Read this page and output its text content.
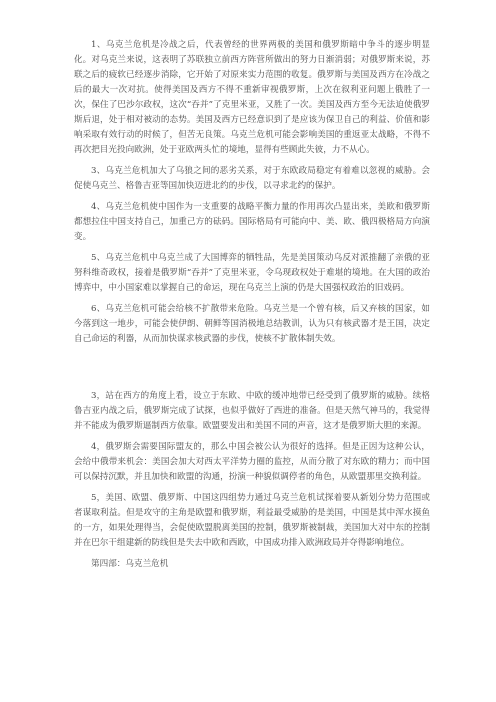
1、乌克兰危机是冷战之后，代表曾经的世界两极的美国和俄罗斯暗中争斗的逐步明显化。对乌克兰来说，这表明了苏联独立前西方阵营所做出的努力日渐消弱；对俄罗斯来说，苏联之后的疲软已经逐步消除，它开始了对原来实力范围的收复。俄罗斯与美国及西方在冷战之后的最大一次对抗。使得美国及西方不得不重新审视俄罗斯，上次在叙利亚问题上俄胜了一次，保住了巴沙尔政权，这次“吞并”了克里米亚，又胜了一次。美国及西方至今无法迫使俄罗斯后退，处于相对被动的态势。美国及西方已经意识到了是应该为保卫自己的利益、价值和影响采取有效行动的时候了，但苦无良策。乌克兰危机可能会影响美国的重返亚太战略，不得不再次把目光投向欧洲，处于亚欧两头忙的境地，显得有些顾此失彼，力不从心。

3、乌克兰危机加大了乌狼之间的恶劣关系，对于东欧政局稳定有着难以忽视的威胁。会促使乌克兰、格鲁吉亚等国加快迈进北约的步伐，以寻求北约的保护。

4、乌克兰危机使中国作为一支重要的战略平衡力量的作用再次凸显出来，美欧和俄罗斯都想拉住中国支持自己，加重己方的砝码。国际格局有可能向中、美、欧、俄四极格局方向演变。

5、乌克兰危机中乌克兰成了大国博弈的牺牲品，先是美国策动乌反对派推翻了亲俄的亚努科维奇政权，接着是俄罗斯“吞并”了克里米亚，令乌现政权处于难堪的境地。在大国的政治博弈中，中小国家难以掌握自己的命运，现在乌克兰上演的仍是大国强权政治的旧戏码。

6、乌克兰危机可能会给核不扩散带来危险。乌克兰是一个曾有核，后又弃核的国家，如今落到这一地步，可能会使伊朗、朝鲜等国消极地总结教训，认为只有核武器才是王国，决定自己命运的利器，从而加快谋求核武器的步伐，使核不扩散体制失效。

3，站在西方的角度上看，设立于东欧、中欧的缓冲地带已经受到了俄罗斯的威胁。续格鲁吉亚内战之后，俄罗斯完成了试探，也似乎做好了西进的准备。但是天然气神马的，我觉得并不能成为俄罗斯逼制西方依靠。欧盟要发出和美国不同的声音，这才是俄罗斯大胆的来源。

4，俄罗斯会需要国际盟友的，那么中国会被公认为很好的选择。但是正因为这种公认，会给中俄带来机会：美国会加大对西太平洋势力圈的监控，从而分散了对东欧的精力；而中国可以保持沉默，并且加快和欧盟的沟通，扮演一种貌似调停者的角色，从欧盟那里交换利益。

5，美国、欧盟、俄罗斯、中国这四组势力通过乌克兰危机试探着要从新划分势力范围或者谋取利益。但是攻守的主角是欧盟和俄罗斯，利益最受威胁的是美国，中国是其中浑水摸鱼的一方，如果处理得当，会促使欧盟脱离美国的控制，俄罗斯被制裁，美国加大对中东的控制并在巴尔干组建新的防线但是失去中欧和西欧，中国成功排入欧洲政局并夺得影响地位。

第四部：乌克兰危机
